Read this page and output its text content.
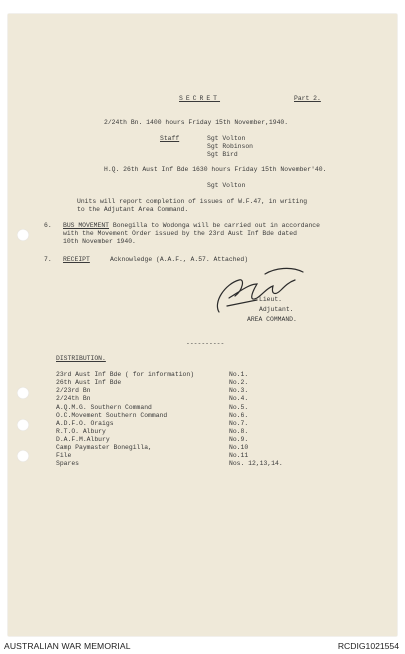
SECRET	Part 2.
2/24th Bn. 1400 hours Friday 15th November,1940.
Staff	Sgt Volton
Sgt Robinson
Sgt Bird
H.Q. 26th Aust Inf Bde 1630 hours Friday 15th November'40.
Sgt Volton
Units will report completion of issues of W.F.47, in writing
to the Adjutant Area Command.
6. BUS MOVEMENT Bonegilla to Wodonga will be carried out in accordance
with the Movement Order issued by the 23rd Aust Inf Bde dated
10th November 1940.
7. RECEIPT	Acknowledge (A.A.F., A.57. Attached)
Lieut.
Adjutant.
AREA COMMAND.
----------
DISTRIBUTION.
23rd Aust Inf Bde ( for information)	No.1.
26th Aust Inf Bde	No.2.
2/23rd Bn	No.3.
2/24th Bn	No.4.
A.Q.M.G. Southern Command	No.5.
O.C.Movement Southern Command	No.6.
A.D.F.O. Oraigs	No.7.
R.T.O. Albury	No.8.
D.A.F.M.Albury	No.9.
Camp Paymaster Bonegilla,	No.10
File	No.11
Spares	Nos. 12,13,14.
AUSTRALIAN WAR MEMORIAL	RCDIG1021554
